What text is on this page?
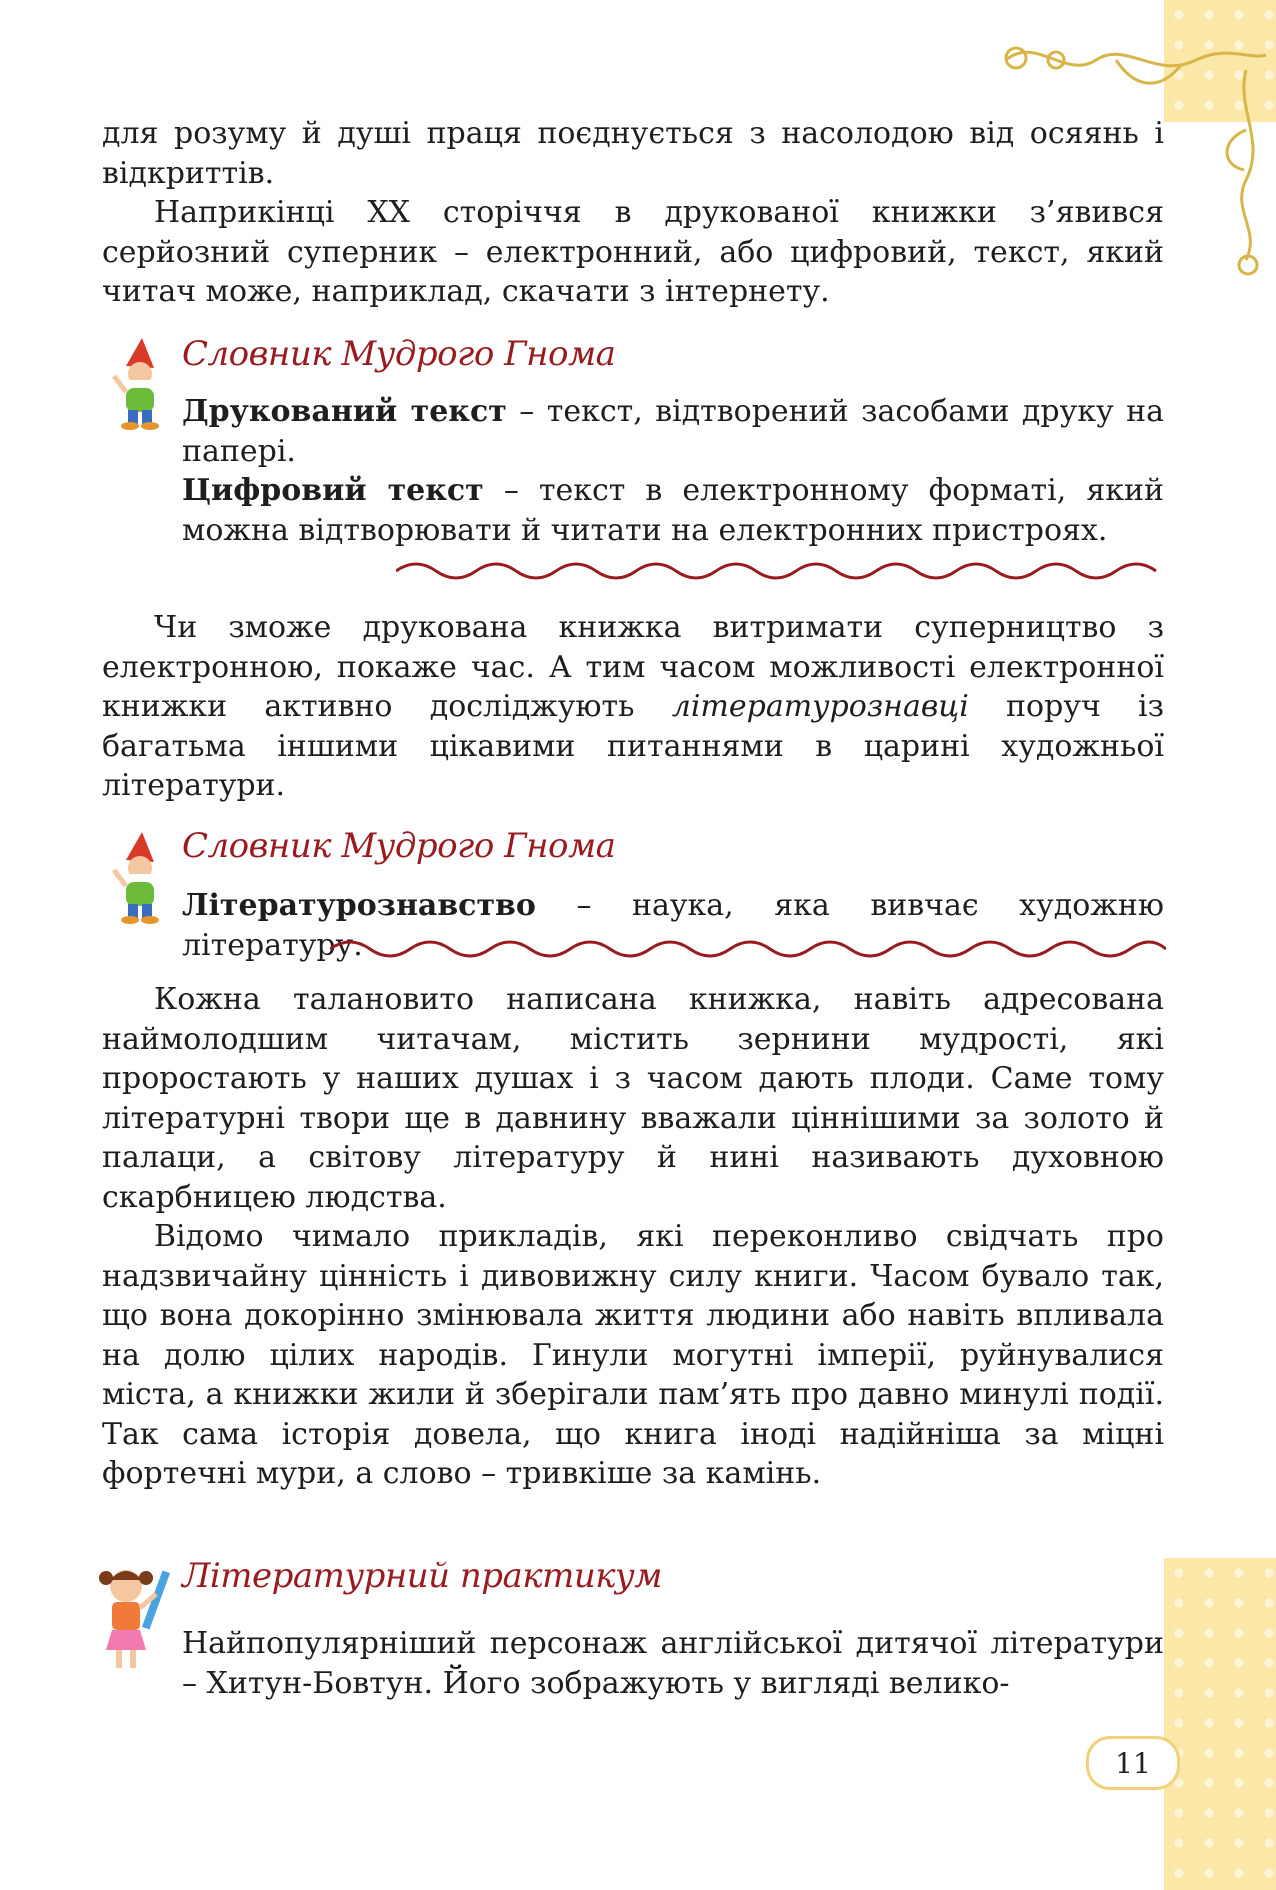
для розуму й душі праця поєднується з насолодою від осяянь і відкриттів.

Наприкінці ХХ сторіччя в друкованої книжки з’явився серйозний суперник – електронний, або цифровий, текст, який читач може, наприклад, скачати з інтернету.

Словник Мудрого Гнома

Друкований текст – текст, відтворений засобами друку на папері.

Цифровий текст – текст в електронному форматі, який можна відтворювати й читати на електронних пристроях.

Чи зможе друкована книжка витримати суперництво з електронною, покаже час. А тим часом можливості електронної книжки активно досліджують літературознавці поруч із багатьма іншими цікавими питаннями в царині художньої літератури.

Словник Мудрого Гнома

Літературознавство – наука, яка вивчає художню літературу.

Кожна талановито написана книжка, навіть адресована наймолодшим читачам, містить зернини мудрості, які проростають у наших душах і з часом дають плоди. Саме тому літературні твори ще в давнину вважали ціннішими за золото й палаци, а світову літературу й нині називають духовною скарбницею людства.

Відомо чимало прикладів, які переконливо свідчать про надзвичайну цінність і дивовижну силу книги. Часом бувало так, що вона докорінно змінювала життя людини або навіть впливала на долю цілих народів. Гинули могутні імперії, руйнувалися міста, а книжки жили й зберігали пам’ять про давно минулі події. Так сама історія довела, що книга іноді надійніша за міцні фортечні мури, а слово – тривкіше за камінь.

Літературний практикум

Найпопулярніший персонаж англійської дитячої літератури – Хитун-Бовтун. Його зображують у вигляді велико-

11
